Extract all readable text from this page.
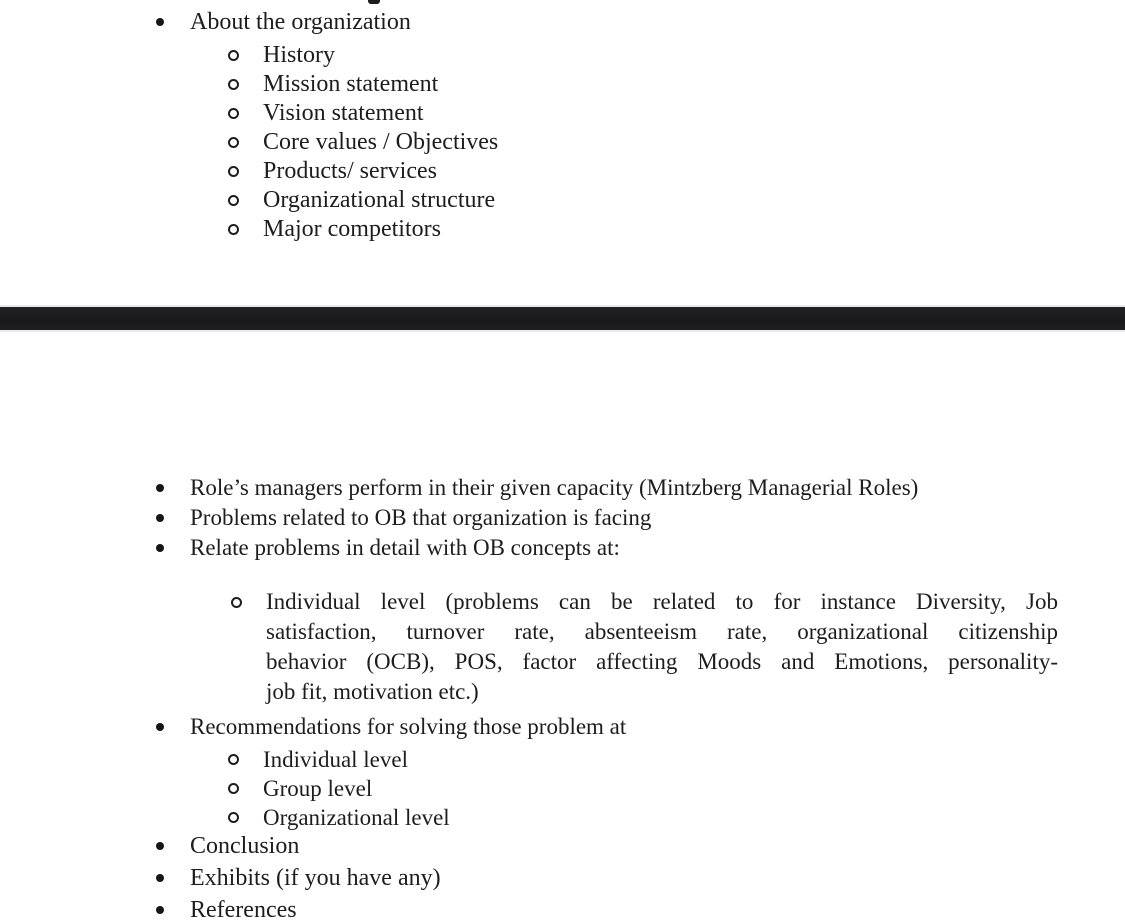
About the organization
History
Mission statement
Vision statement
Core values / Objectives
Products/ services
Organizational structure
Major competitors
Role’s managers perform in their given capacity (Mintzberg Managerial Roles)
Problems related to OB that organization is facing
Relate problems in detail with OB concepts at:
Individual level (problems can be related to for instance Diversity, Job
satisfaction, turnover rate, absenteeism rate, organizational citizenship
behavior (OCB), POS, factor affecting Moods and Emotions, personality-
job fit, motivation etc.)
Recommendations for solving those problem at
Individual level
Group level
Organizational level
Conclusion
Exhibits (if you have any)
References
